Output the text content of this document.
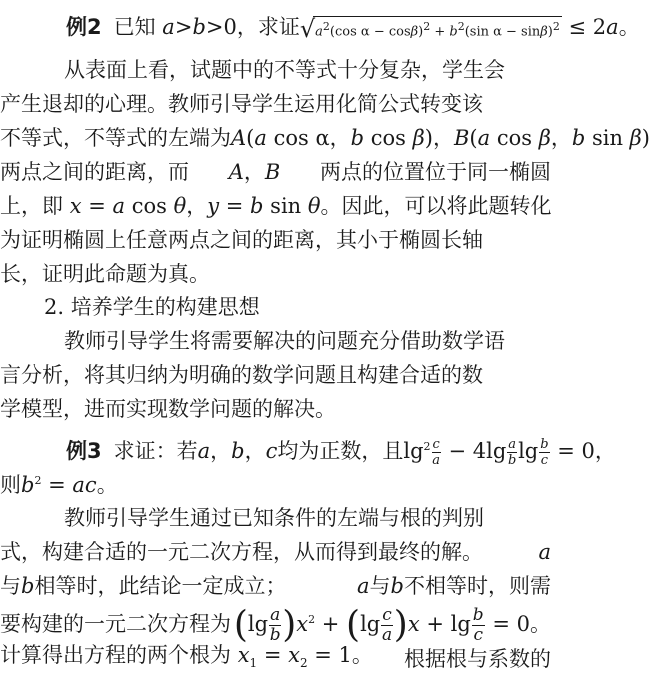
例2 已知 a>b>0，求证$√a^2(\cos$ $\alpha - \cos\beta)^2 + b^2(\sin$ α − sinβ)$^2$ ≤ 2a。
从表面上看，试题中的不等式十分复杂，学生会
产生退却的心理。教师引导学生运用化简公式转变该
不等式，不等式的左端为 A(a cos α，b cos β)，B(a cos β，b sin β)
两点之间的距离，而 A，B 两点的位置位于同一椭圆
上，即 x = a cos θ，y = b sin θ。 因此，可以将此题转化
为证明椭圆上任意两点之间的距离，其小于椭圆长轴
长，证明此命题为真。
2. 培养学生的构建思想
教师引导学生将需要解决的问题充分借助数学语
言分析，将其归纳为明确的数学问题且构建合适的数
学模型，进而实现数学问题的解决。
例3 求证：若a，b，c均为正数，且$\lg^2 \frac{c}{a} - 4\lg \frac{a}{b}$ $\lg \frac{b}{c} = 0$，
则$b^2$ = ac。
教师引导学生通过已知条件的左端与根的判别
式，构建合适的一元二次方程，从而得到最终的解。	a
与b相等时，此结论一定成立；	a与b不相等时，则需
要构建的一元二次方程为 $(\lg \frac{a}{b} )x^2 + (\lg \frac{c}{a} )x + \lg \frac{b}{c} = 0$。
计算得出方程的两个根为 $x_1 = x_2 = 1$。 根据根与系数的
